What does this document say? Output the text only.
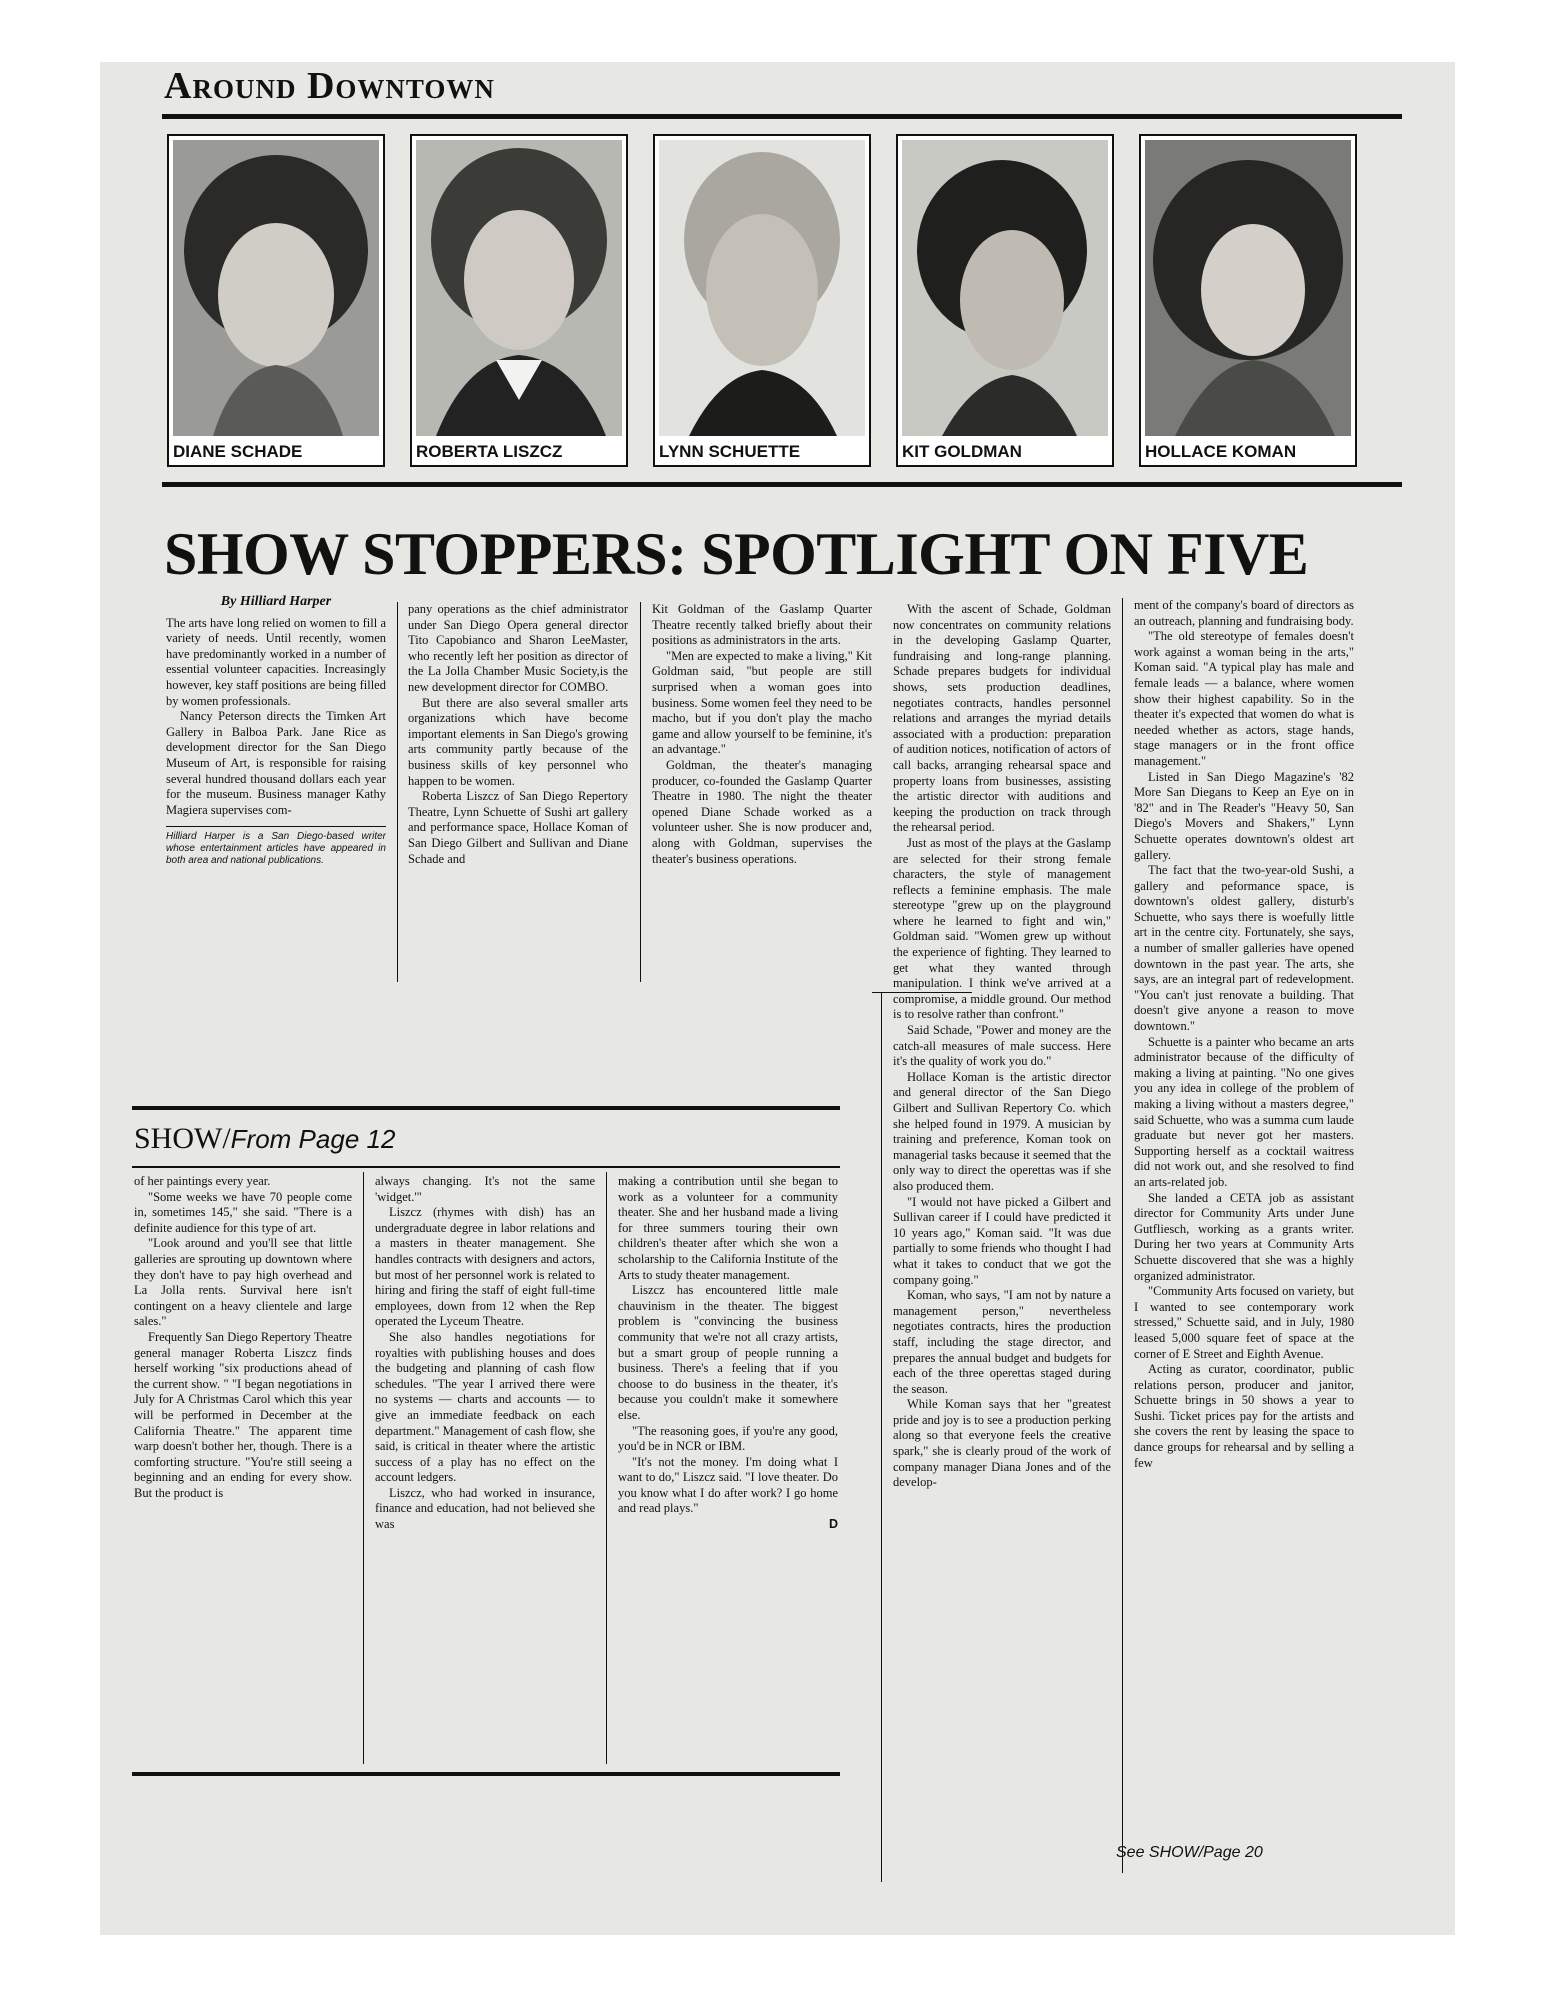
Around Downtown
DIANE SCHADE	ROBERTA LISZCZ	LYNN SCHUETTE	KIT GOLDMAN	HOLLACE KOMAN
SHOW STOPPERS: SPOTLIGHT ON FIVE
By Hilliard Harper

The arts have long relied on women to fill a variety of needs. Until recently, women have predominantly worked in a number of essential volunteer capacities. Increasingly however, key staff positions are being filled by women professionals.

Nancy Peterson directs the Timken Art Gallery in Balboa Park. Jane Rice as development director for the San Diego Museum of Art, is responsible for raising several hundred thousand dollars each year for the museum. Business manager Kathy Magiera supervises com-

Hilliard Harper is a San Diego-based writer whose entertainment articles have appeared in both area and national publications.

pany operations as the chief administrator under San Diego Opera general director Tito Capobianco and Sharon LeeMaster, who recently left her position as director of the La Jolla Chamber Music Society,is the new development director for COMBO.

But there are also several smaller arts organizations which have become important elements in San Diego's growing arts community partly because of the business skills of key personnel who happen to be women.

Roberta Liszcz of San Diego Repertory Theatre, Lynn Schuette of Sushi art gallery and performance space, Hollace Koman of San Diego Gilbert and Sullivan and Diane Schade and

Kit Goldman of the Gaslamp Quarter Theatre recently talked briefly about their positions as administrators in the arts.

"Men are expected to make a living," Kit Goldman said, "but people are still surprised when a woman goes into business. Some women feel they need to be macho, but if you don't play the macho game and allow yourself to be feminine, it's an advantage."

Goldman, the theater's managing producer, co-founded the Gaslamp Quarter Theatre in 1980. The night the theater opened Diane Schade worked as a volunteer usher. She is now producer and, along with Goldman, supervises the theater's business operations.

With the ascent of Schade, Goldman now concentrates on community relations in the developing Gaslamp Quarter, fundraising and long-range planning. Schade prepares budgets for individual shows, sets production deadlines, negotiates contracts, handles personnel relations and arranges the myriad details associated with a production: preparation of audition notices, notification of actors of call backs, arranging rehearsal space and property loans from businesses, assisting the artistic director with auditions and keeping the production on track through the rehearsal period.

Just as most of the plays at the Gaslamp are selected for their strong female characters, the style of management reflects a feminine emphasis. The male stereotype "grew up on the playground where he learned to fight and win," Goldman said. "Women grew up without the experience of fighting. They learned to get what they wanted through manipulation. I think we've arrived at a compromise, a middle ground. Our method is to resolve rather than confront."

Said Schade, "Power and money are the catch-all measures of male success. Here it's the quality of work you do."

Hollace Koman is the artistic director and general director of the San Diego Gilbert and Sullivan Repertory Co. which she helped found in 1979. A musician by training and preference, Koman took on managerial tasks because it seemed that the only way to direct the operettas was if she also produced them.

"I would not have picked a Gilbert and Sullivan career if I could have predicted it 10 years ago," Koman said. "It was due partially to some friends who thought I had what it takes to conduct that we got the company going."

Koman, who says, "I am not by nature a management person," nevertheless negotiates contracts, hires the production staff, including the stage director, and prepares the annual budget and budgets for each of the three operettas staged during the season.

While Koman says that her "greatest pride and joy is to see a production perking along so that everyone feels the creative spark," she is clearly proud of the work of company manager Diana Jones and of the develop-

ment of the company's board of directors as an outreach, planning and fundraising body.

"The old stereotype of females doesn't work against a woman being in the arts," Koman said. "A typical play has male and female leads — a balance, where women show their highest capability. So in the theater it's expected that women do what is needed whether as actors, stage hands, stage managers or in the front office management."

Listed in San Diego Magazine's '82 More San Diegans to Keep an Eye on in '82" and in The Reader's "Heavy 50, San Diego's Movers and Shakers," Lynn Schuette operates downtown's oldest art gallery.

The fact that the two-year-old Sushi, a gallery and peformance space, is downtown's oldest gallery, disturb's Schuette, who says there is woefully little art in the centre city. Fortunately, she says, a number of smaller galleries have opened downtown in the past year. The arts, she says, are an integral part of redevelopment. "You can't just renovate a building. That doesn't give anyone a reason to move downtown."

Schuette is a painter who became an arts administrator because of the difficulty of making a living at painting. "No one gives you any idea in college of the problem of making a living without a masters degree," said Schuette, who was a summa cum laude graduate but never got her masters. Supporting herself as a cocktail waitress did not work out, and she resolved to find an arts-related job.

She landed a CETA job as assistant director for Community Arts under June Gutfliesch, working as a grants writer. During her two years at Community Arts Schuette discovered that she was a highly organized administrator.

"Community Arts focused on variety, but I wanted to see contemporary work stressed," Schuette said, and in July, 1980 leased 5,000 square feet of space at the corner of E Street and Eighth Avenue.

Acting as curator, coordinator, public relations person, producer and janitor, Schuette brings in 50 shows a year to Sushi. Ticket prices pay for the artists and she covers the rent by leasing the space to dance groups for rehearsal and by selling a few

See SHOW/Page 20
SHOW/From Page 12

of her paintings every year.

"Some weeks we have 70 people come in, sometimes 145," she said. "There is a definite audience for this type of art.

"Look around and you'll see that little galleries are sprouting up downtown where they don't have to pay high overhead and La Jolla rents. Survival here isn't contingent on a heavy clientele and large sales."

Frequently San Diego Repertory Theatre general manager Roberta Liszcz finds herself working "six productions ahead of the current show. " "I began negotiations in July for A Christmas Carol which this year will be performed in December at the California Theatre." The apparent time warp doesn't bother her, though. There is a comforting structure. "You're still seeing a beginning and an ending for every show. But the product is

always changing. It's not the same 'widget.'"

Liszcz (rhymes with dish) has an undergraduate degree in labor relations and a masters in theater management. She handles contracts with designers and actors, but most of her personnel work is related to hiring and firing the staff of eight full-time employees, down from 12 when the Rep operated the Lyceum Theatre.

She also handles negotiations for royalties with publishing houses and does the budgeting and planning of cash flow schedules. "The year I arrived there were no systems — charts and accounts — to give an immediate feedback on each department." Management of cash flow, she said, is critical in theater where the artistic success of a play has no effect on the account ledgers.

Liszcz, who had worked in insurance, finance and education, had not believed she was

making a contribution until she began to work as a volunteer for a community theater. She and her husband made a living for three summers touring their own children's theater after which she won a scholarship to the California Institute of the Arts to study theater management.

Liszcz has encountered little male chauvinism in the theater. The biggest problem is "convincing the business community that we're not all crazy artists, but a smart group of people running a business. There's a feeling that if you choose to do business in the theater, it's because you couldn't make it somewhere else.

"The reasoning goes, if you're any good, you'd be in NCR or IBM.

"It's not the money. I'm doing what I want to do," Liszcz said. "I love theater. Do you know what I do after work? I go home and read plays."

D
